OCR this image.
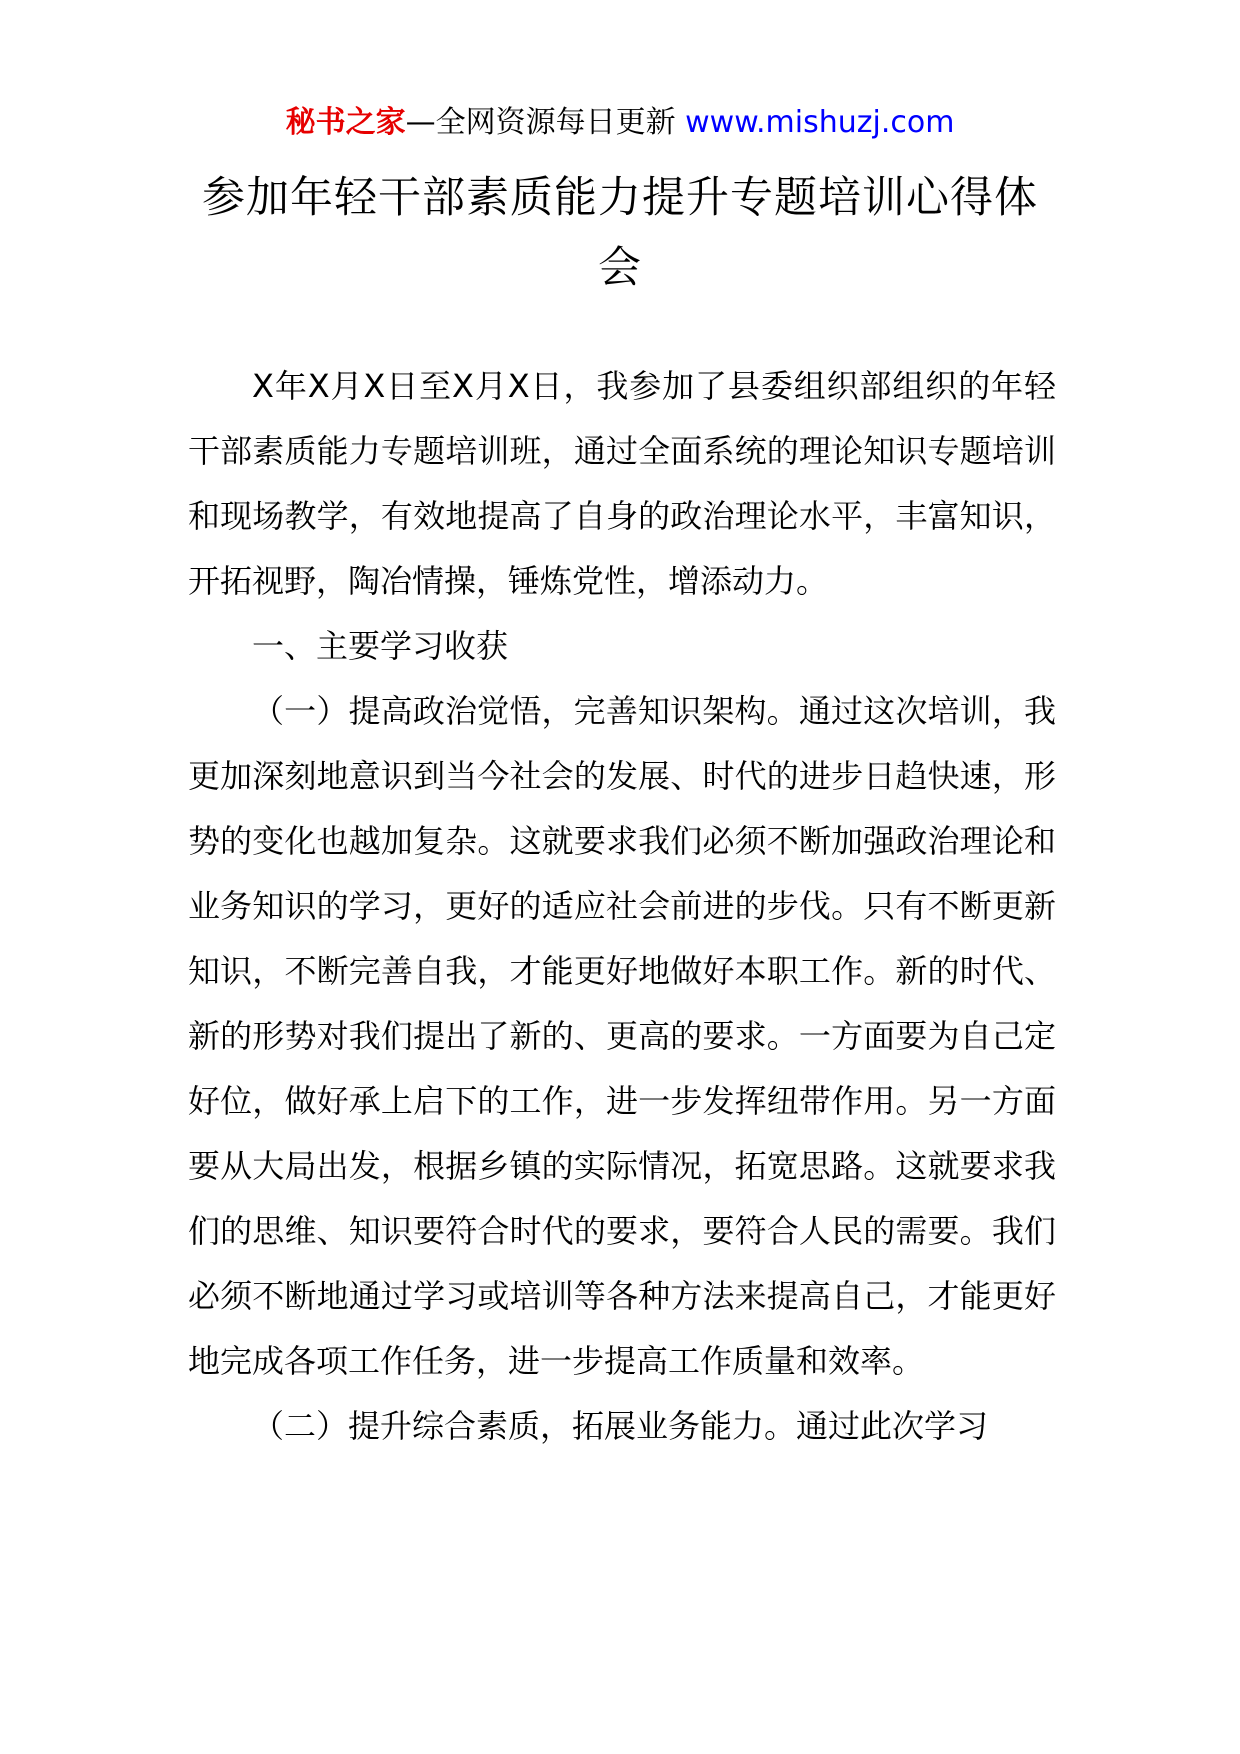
秘书之家—全网资源每日更新 www.mishuzj.com
参加年轻干部素质能力提升专题培训心得体会

X年X月X日至X月X日，我参加了县委组织部组织的年轻干部素质能力专题培训班，通过全面系统的理论知识专题培训和现场教学，有效地提高了自身的政治理论水平，丰富知识，开拓视野，陶冶情操，锤炼党性，增添动力。

一、主要学习收获

（一）提高政治觉悟，完善知识架构。通过这次培训，我更加深刻地意识到当今社会的发展、时代的进步日趋快速，形势的变化也越加复杂。这就要求我们必须不断加强政治理论和业务知识的学习，更好的适应社会前进的步伐。只有不断更新知识，不断完善自我，才能更好地做好本职工作。新的时代、新的形势对我们提出了新的、更高的要求。一方面要为自己定好位，做好承上启下的工作，进一步发挥纽带作用。另一方面要从大局出发，根据乡镇的实际情况，拓宽思路。这就要求我们的思维、知识要符合时代的要求，要符合人民的需要。我们必须不断地通过学习或培训等各种方法来提高自己，才能更好地完成各项工作任务，进一步提高工作质量和效率。

（二）提升综合素质，拓展业务能力。通过此次学习
